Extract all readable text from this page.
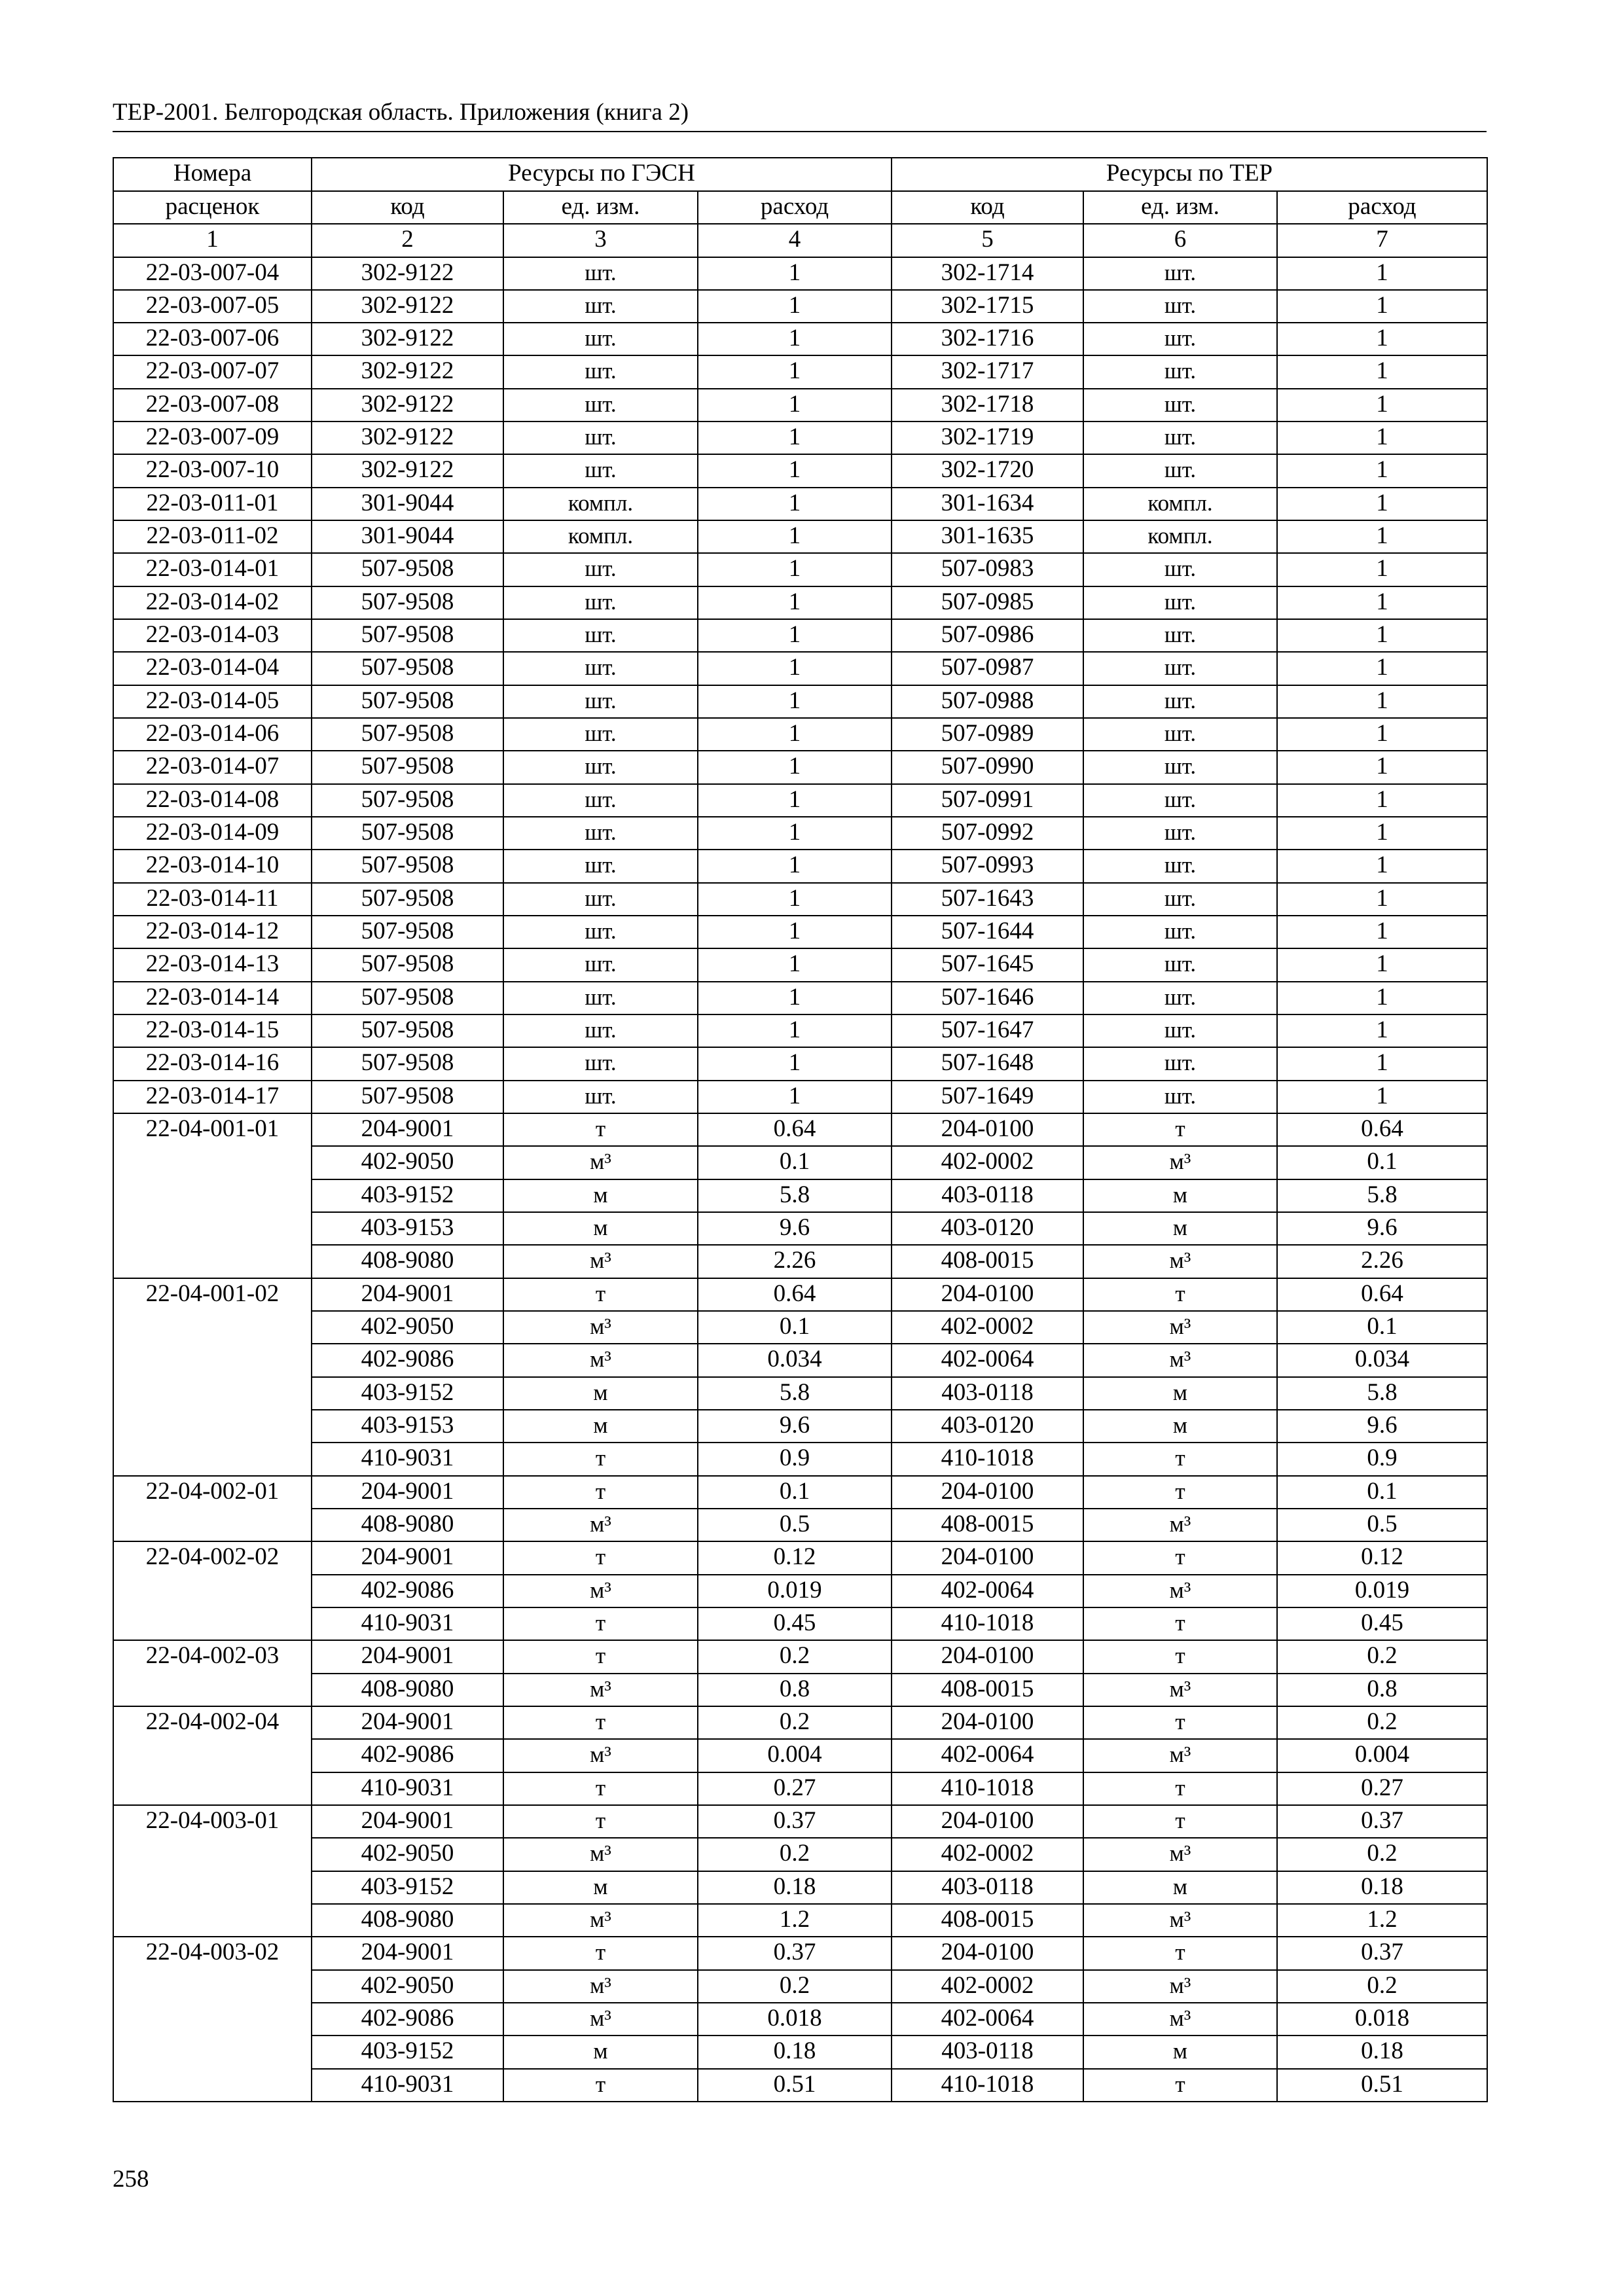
ТЕР-2001. Белгородская область. Приложения (книга 2)
Номера	Ресурсы по ГЭСН			Ресурсы по ТЕР		
расценок	код	ед. изм.	расход	код	ед. изм.	расход
1	2	3	4	5	6	7
22-03-007-04	302-9122	шт.	1	302-1714	шт.	1
22-03-007-05	302-9122	шт.	1	302-1715	шт.	1
22-03-007-06	302-9122	шт.	1	302-1716	шт.	1
22-03-007-07	302-9122	шт.	1	302-1717	шт.	1
22-03-007-08	302-9122	шт.	1	302-1718	шт.	1
22-03-007-09	302-9122	шт.	1	302-1719	шт.	1
22-03-007-10	302-9122	шт.	1	302-1720	шт.	1
22-03-011-01	301-9044	компл.	1	301-1634	компл.	1
22-03-011-02	301-9044	компл.	1	301-1635	компл.	1
22-03-014-01	507-9508	шт.	1	507-0983	шт.	1
22-03-014-02	507-9508	шт.	1	507-0985	шт.	1
22-03-014-03	507-9508	шт.	1	507-0986	шт.	1
22-03-014-04	507-9508	шт.	1	507-0987	шт.	1
22-03-014-05	507-9508	шт.	1	507-0988	шт.	1
22-03-014-06	507-9508	шт.	1	507-0989	шт.	1
22-03-014-07	507-9508	шт.	1	507-0990	шт.	1
22-03-014-08	507-9508	шт.	1	507-0991	шт.	1
22-03-014-09	507-9508	шт.	1	507-0992	шт.	1
22-03-014-10	507-9508	шт.	1	507-0993	шт.	1
22-03-014-11	507-9508	шт.	1	507-1643	шт.	1
22-03-014-12	507-9508	шт.	1	507-1644	шт.	1
22-03-014-13	507-9508	шт.	1	507-1645	шт.	1
22-03-014-14	507-9508	шт.	1	507-1646	шт.	1
22-03-014-15	507-9508	шт.	1	507-1647	шт.	1
22-03-014-16	507-9508	шт.	1	507-1648	шт.	1
22-03-014-17	507-9508	шт.	1	507-1649	шт.	1
22-04-001-01	204-9001	т	0.64	204-0100	т	0.64
	402-9050	м³	0.1	402-0002	м³	0.1
	403-9152	м	5.8	403-0118	м	5.8
	403-9153	м	9.6	403-0120	м	9.6
	408-9080	м³	2.26	408-0015	м³	2.26
22-04-001-02	204-9001	т	0.64	204-0100	т	0.64
	402-9050	м³	0.1	402-0002	м³	0.1
	402-9086	м³	0.034	402-0064	м³	0.034
	403-9152	м	5.8	403-0118	м	5.8
	403-9153	м	9.6	403-0120	м	9.6
	410-9031	т	0.9	410-1018	т	0.9
22-04-002-01	204-9001	т	0.1	204-0100	т	0.1
	408-9080	м³	0.5	408-0015	м³	0.5
22-04-002-02	204-9001	т	0.12	204-0100	т	0.12
	402-9086	м³	0.019	402-0064	м³	0.019
	410-9031	т	0.45	410-1018	т	0.45
22-04-002-03	204-9001	т	0.2	204-0100	т	0.2
	408-9080	м³	0.8	408-0015	м³	0.8
22-04-002-04	204-9001	т	0.2	204-0100	т	0.2
	402-9086	м³	0.004	402-0064	м³	0.004
	410-9031	т	0.27	410-1018	т	0.27
22-04-003-01	204-9001	т	0.37	204-0100	т	0.37
	402-9050	м³	0.2	402-0002	м³	0.2
	403-9152	м	0.18	403-0118	м	0.18
	408-9080	м³	1.2	408-0015	м³	1.2
22-04-003-02	204-9001	т	0.37	204-0100	т	0.37
	402-9050	м³	0.2	402-0002	м³	0.2
	402-9086	м³	0.018	402-0064	м³	0.018
	403-9152	м	0.18	403-0118	м	0.18
	410-9031	т	0.51	410-1018	т	0.51
258
